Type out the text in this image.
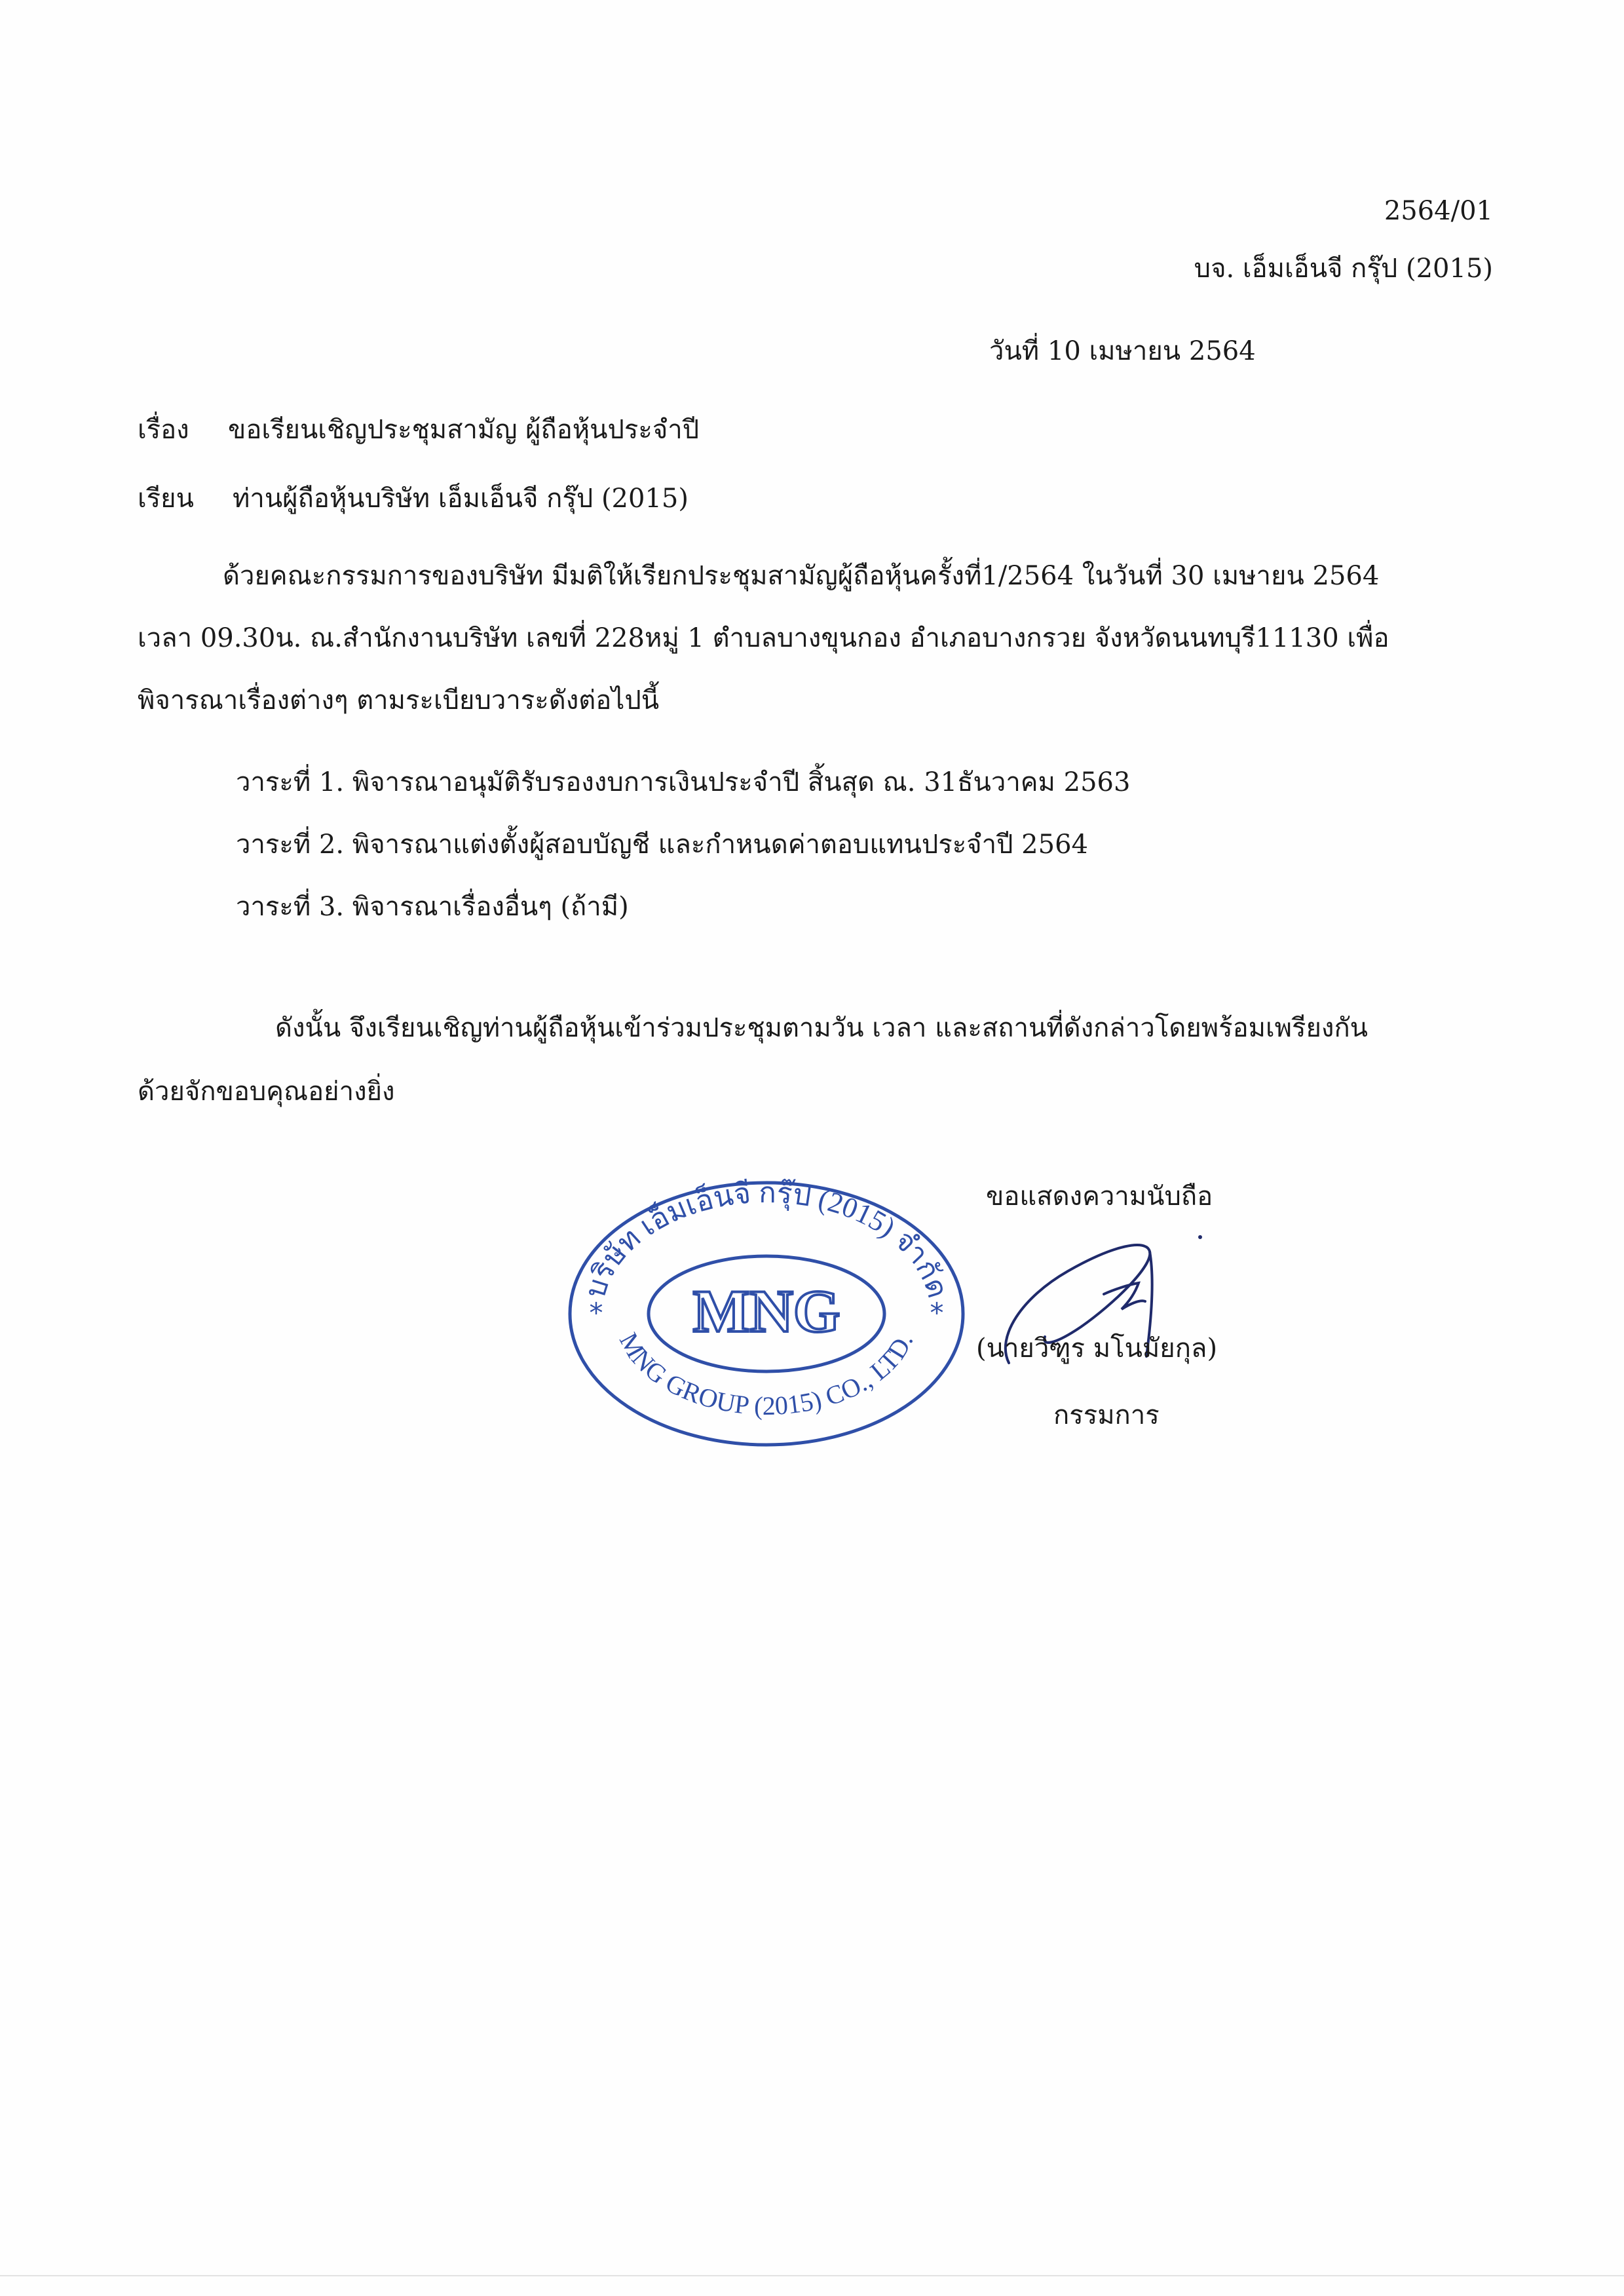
2564/01
บจ. เอ็มเอ็นจี กรุ๊ป (2015)
วันที่ 10 เมษายน 2564
เรื่อง ขอเรียนเชิญประชุมสามัญ ผู้ถือหุ้นประจำปี
เรียน ท่านผู้ถือหุ้นบริษัท เอ็มเอ็นจี กรุ๊ป (2015)
ด้วยคณะกรรมการของบริษัท มีมติให้เรียกประชุมสามัญผู้ถือหุ้นครั้งที่1/2564 ในวันที่ 30 เมษายน 2564
เวลา 09.30น. ณ.สำนักงานบริษัท เลขที่ 228หมู่ 1 ตำบลบางขุนกอง อำเภอบางกรวย จังหวัดนนทบุรี11130 เพื่อ
พิจารณาเรื่องต่างๆ ตามระเบียบวาระดังต่อไปนี้
วาระที่ 1. พิจารณาอนุมัติรับรองงบการเงินประจำปี สิ้นสุด ณ. 31ธันวาคม 2563
วาระที่ 2. พิจารณาแต่งตั้งผู้สอบบัญชี และกำหนดค่าตอบแทนประจำปี 2564
วาระที่ 3. พิจารณาเรื่องอื่นๆ (ถ้ามี)
ดังนั้น จึงเรียนเชิญท่านผู้ถือหุ้นเข้าร่วมประชุมตามวัน เวลา และสถานที่ดังกล่าวโดยพร้อมเพรียงกัน
ด้วยจักขอบคุณอย่างยิ่ง
ขอแสดงความนับถือ
บริษัท เอ็มเอ็นจี กรุ๊ป (2015) จำกัด
MNG GROUP (2015) CO., LTD.
MNG
*	*
(นายวิฑูร มโนมัยกุล)
กรรมการ
